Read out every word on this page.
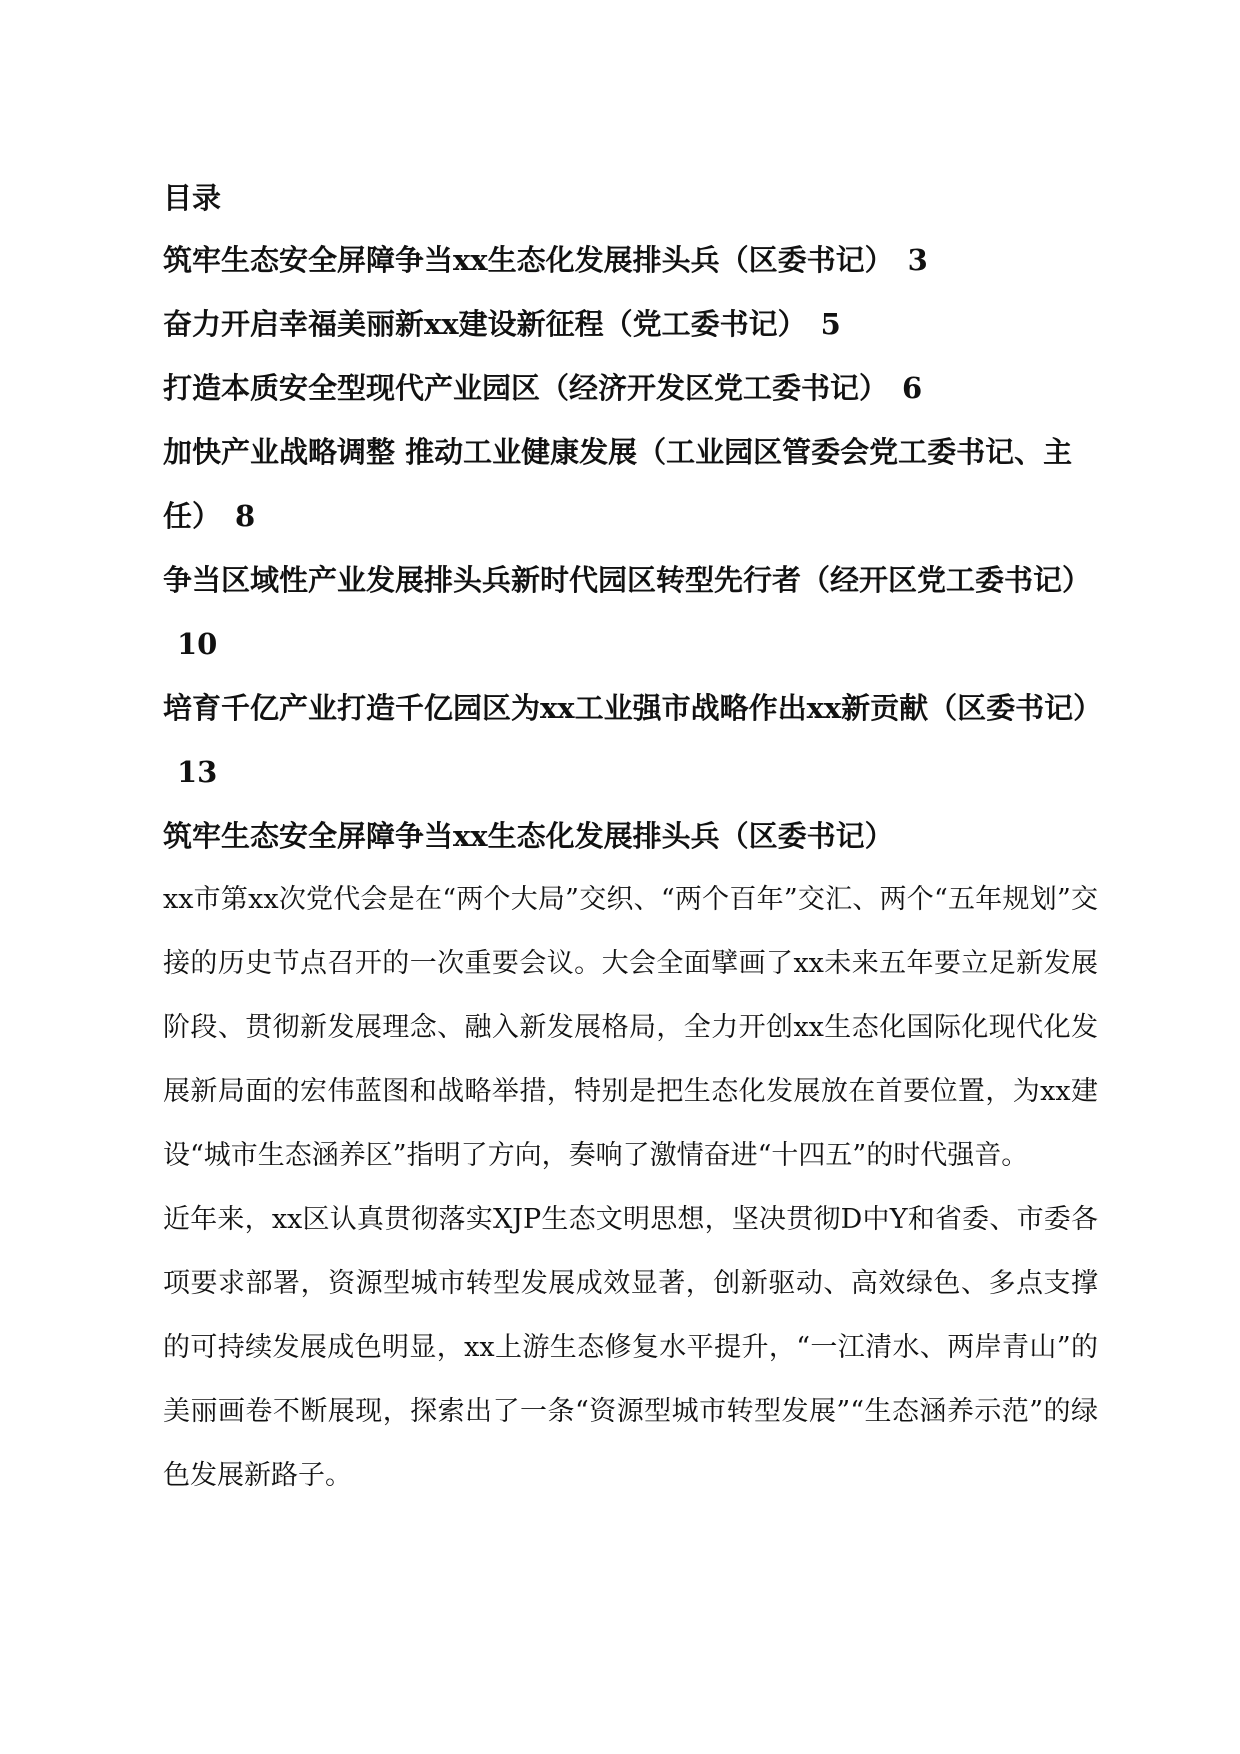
目录

筑牢生态安全屏障争当xx生态化发展排头兵（区委书记） 3

奋力开启幸福美丽新xx建设新征程（党工委书记） 5

打造本质安全型现代产业园区（经济开发区党工委书记） 6

加快产业战略调整 推动工业健康发展（工业园区管委会党工委书记、主任） 8

争当区域性产业发展排头兵新时代园区转型先行者（经开区党工委书记）10

培育千亿产业打造千亿园区为xx工业强市战略作出xx新贡献（区委书记）13

筑牢生态安全屏障争当xx生态化发展排头兵（区委书记）

xx市第xx次党代会是在“两个大局”交织、“两个百年”交汇、两个“五年规划”交接的历史节点召开的一次重要会议。大会全面擘画了xx未来五年要立足新发展阶段、贯彻新发展理念、融入新发展格局，全力开创xx生态化国际化现代化发展新局面的宏伟蓝图和战略举措，特别是把生态化发展放在首要位置，为xx建设“城市生态涵养区”指明了方向，奏响了激情奋进“十四五”的时代强音。

近年来，xx区认真贯彻落实XJP生态文明思想，坚决贯彻D中Y和省委、市委各项要求部署，资源型城市转型发展成效显著，创新驱动、高效绿色、多点支撑的可持续发展成色明显，xx上游生态修复水平提升，“一江清水、两岸青山”的美丽画卷不断展现，探索出了一条“资源型城市转型发展”“生态涵养示范”的绿色发展新路子。
